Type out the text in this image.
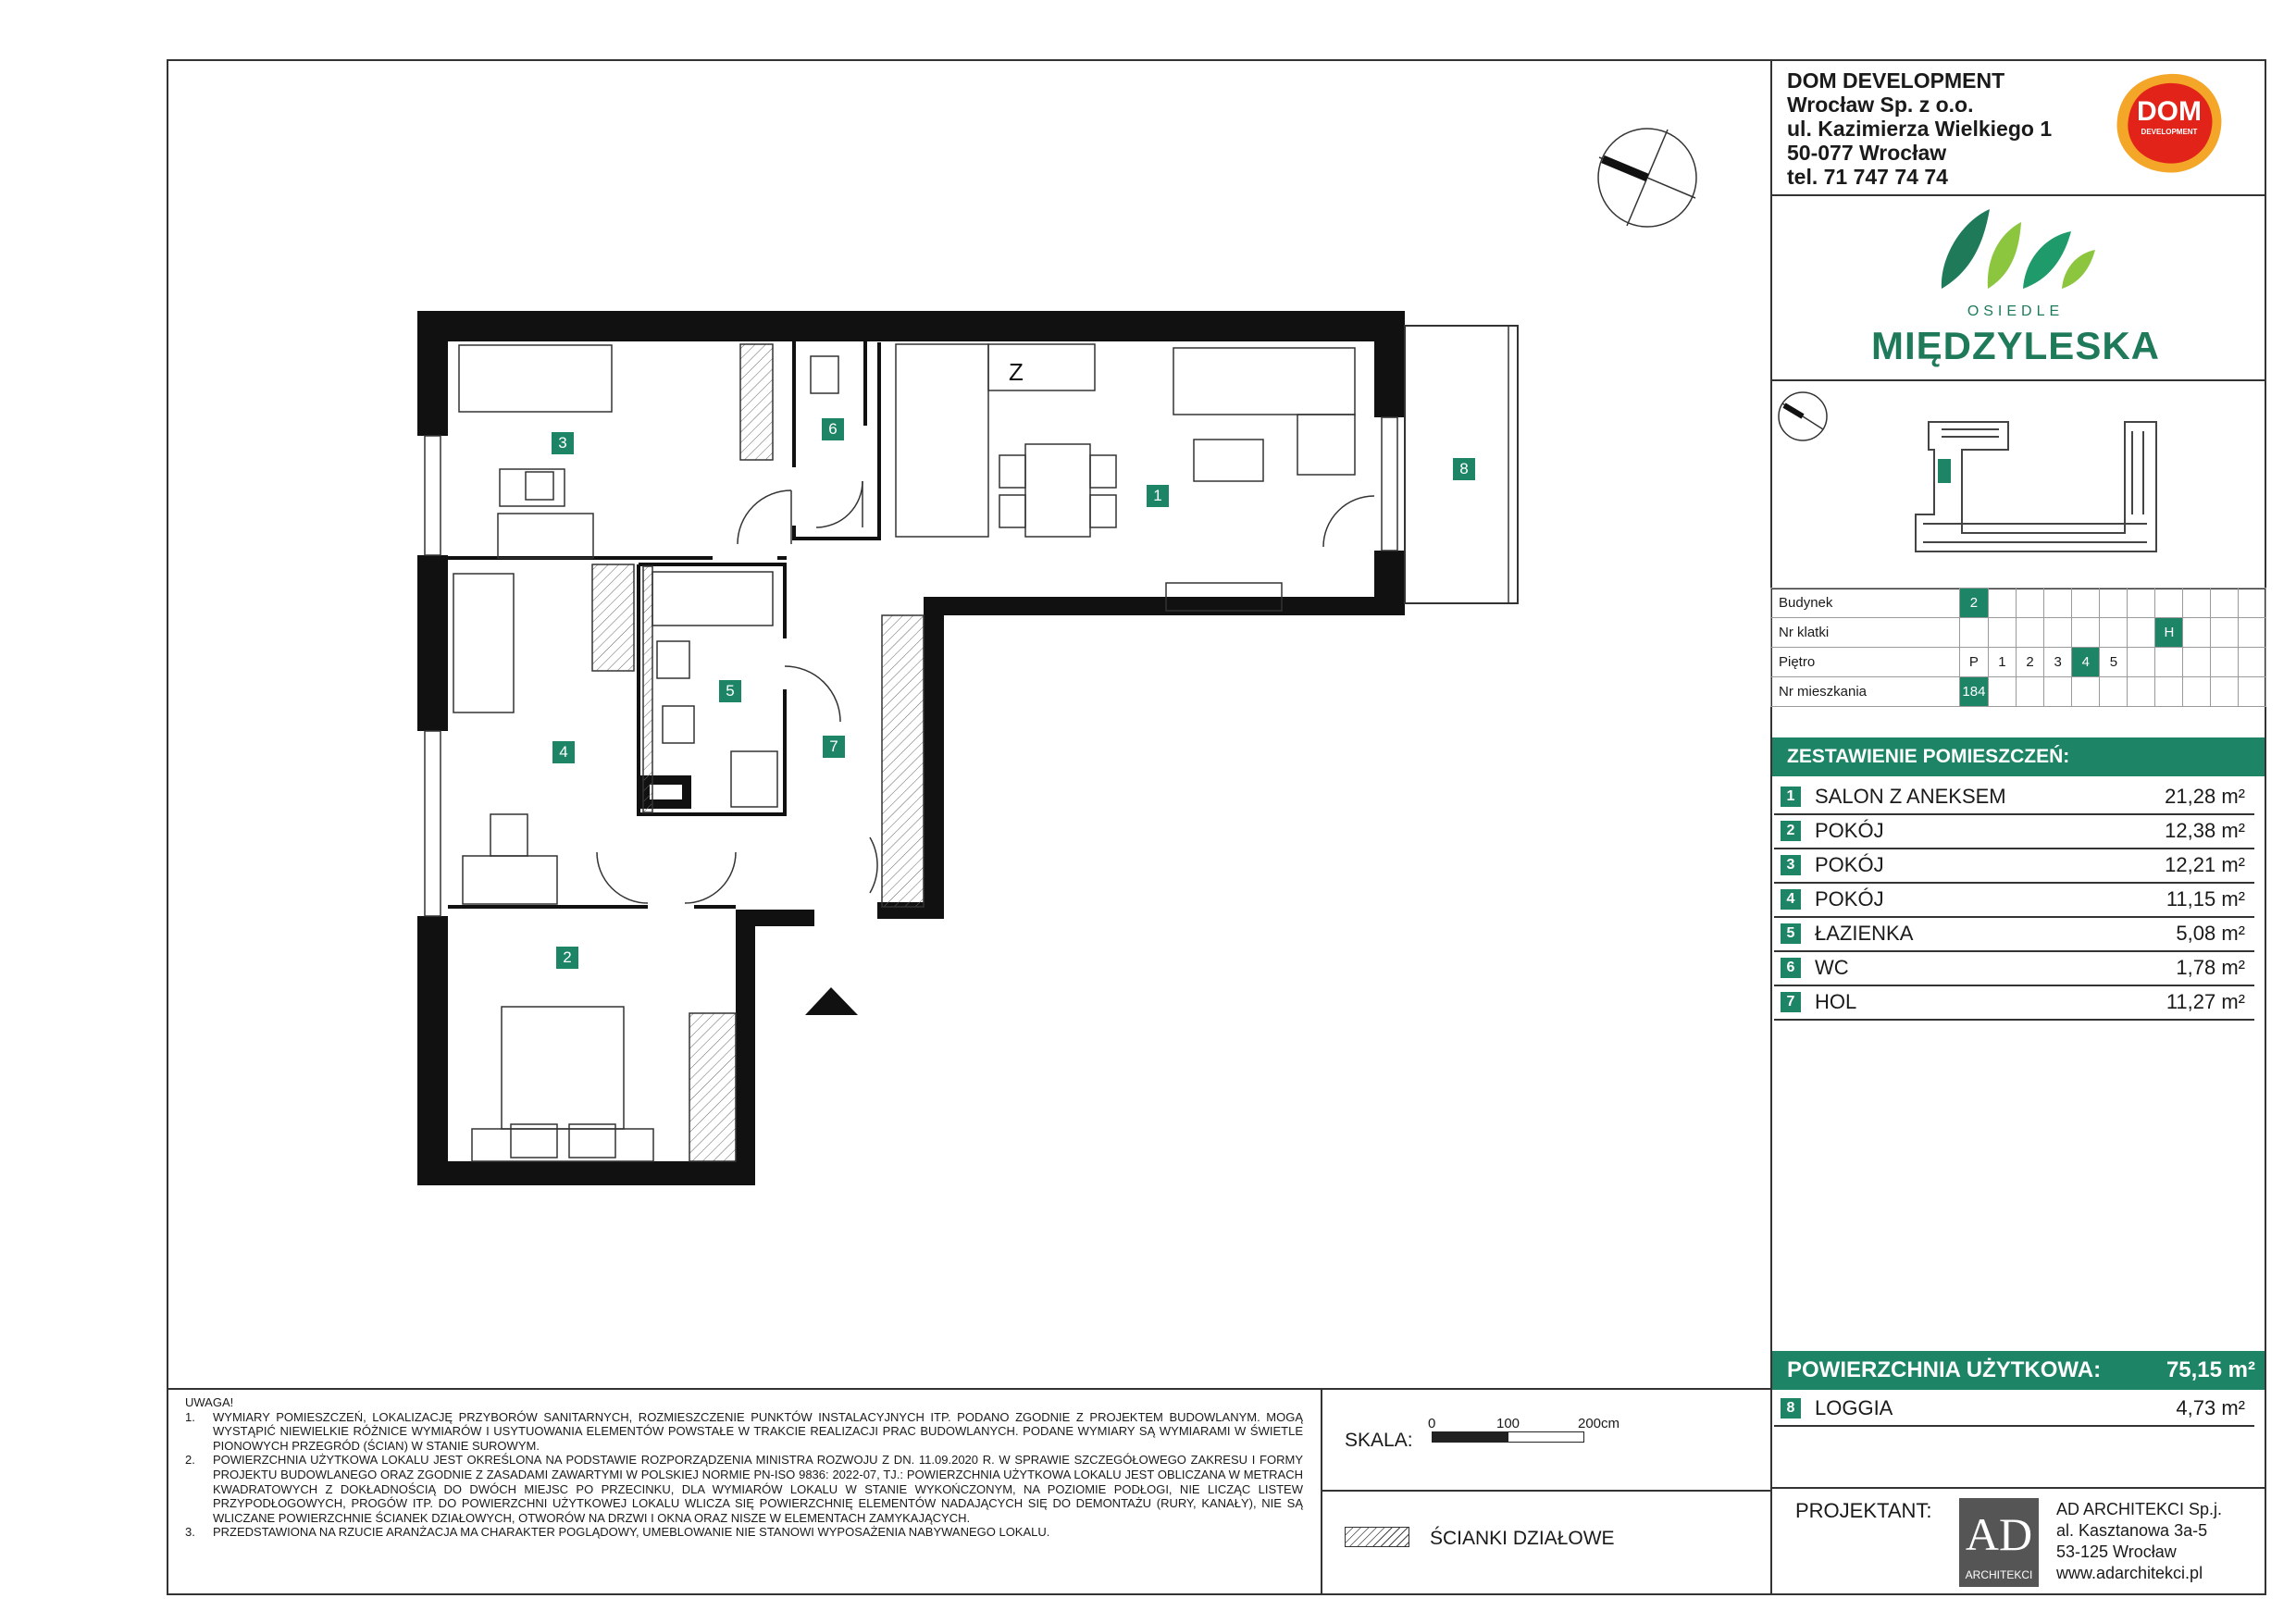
DOM DEVELOPMENT
Wrocław Sp. z o.o.
ul. Kazimierza Wielkiego 1
50-077 Wrocław
tel. 71 747 74 74
DOM
DEVELOPMENT
OSIEDLE
MIĘDZYLESKA
Budynek	2										
Nr klatki								H			
Piętro	P	1	2	3	4	5					
Nr mieszkania	184										
ZESTAWIENIE POMIESZCZEŃ:
1 SALON Z ANEKSEM	21,28 m²
2 POKÓJ	12,38 m²
3 POKÓJ	12,21 m²
4 POKÓJ	11,15 m²
5 ŁAZIENKA	5,08 m²
6 WC	1,78 m²
7 HOL	11,27 m²
POWIERZCHNIA UŻYTKOWA:	75,15 m²
8 LOGGIA	4,73 m²
PROJEKTANT: AD
ARCHITEKCI
AD ARCHITEKCI Sp.j.
al. Kasztanowa 3a-5
53-125 Wrocław
www.adarchitekci.pl
UWAGA!
1.	WYMIARY POMIESZCZEŃ, LOKALIZACJĘ PRZYBORÓW SANITARNYCH, ROZMIESZCZENIE PUNKTÓW INSTALACYJNYCH ITP. PODANO ZGODNIE Z PROJEKTEM BUDOWLANYM. MOGĄ WYSTĄPIĆ NIEWIELKIE RÓŻNICE WYMIARÓW I USYTUOWANIA ELEMENTÓW POWSTAŁE W TRAKCIE REALIZACJI PRAC BUDOWLANYCH. PODANE WYMIARY SĄ WYMIARAMI W ŚWIETLE PIONOWYCH PRZEGRÓD (ŚCIAN) W STANIE SUROWYM.
2.	POWIERZCHNIA UŻYTKOWA LOKALU JEST OKREŚLONA NA PODSTAWIE ROZPORZĄDZENIA MINISTRA ROZWOJU Z DN. 11.09.2020 R. W SPRAWIE SZCZEGÓŁOWEGO ZAKRESU I FORMY PROJEKTU BUDOWLANEGO ORAZ ZGODNIE Z ZASADAMI ZAWARTYMI W POLSKIEJ NORMIE PN-ISO 9836: 2022-07, TJ.: POWIERZCHNIA UŻYTKOWA LOKALU JEST OBLICZANA W METRACH KWADRATOWYCH Z DOKŁADNOŚCIĄ DO DWÓCH MIEJSC PO PRZECINKU, DLA WYMIARÓW LOKALU W STANIE WYKOŃCZONYM, NA POZIOMIE PODŁOGI, NIE LICZĄC LISTEW PRZYPODŁOGOWYCH, PROGÓW ITP. DO POWIERZCHNI UŻYTKOWEJ LOKALU WLICZA SIĘ POWIERZCHNIĘ ELEMENTÓW NADAJĄCYCH SIĘ DO DEMONTAŻU (RURY, KANAŁY), NIE SĄ WLICZANE POWIERZCHNIE ŚCIANEK DZIAŁOWYCH, OTWORÓW NA DRZWI I OKNA ORAZ NISZE W ELEMENTACH ZAMYKAJĄCYCH.
3.	PRZEDSTAWIONA NA RZUCIE ARANŻACJA MA CHARAKTER POGLĄDOWY, UMEBLOWANIE NIE STANOWI WYPOSAŻENIA NABYWANEGO LOKALU.
SKALA:
0	100	200cm
ŚCIANKI DZIAŁOWE
Z
1
2
3
4
5
6
7
8
